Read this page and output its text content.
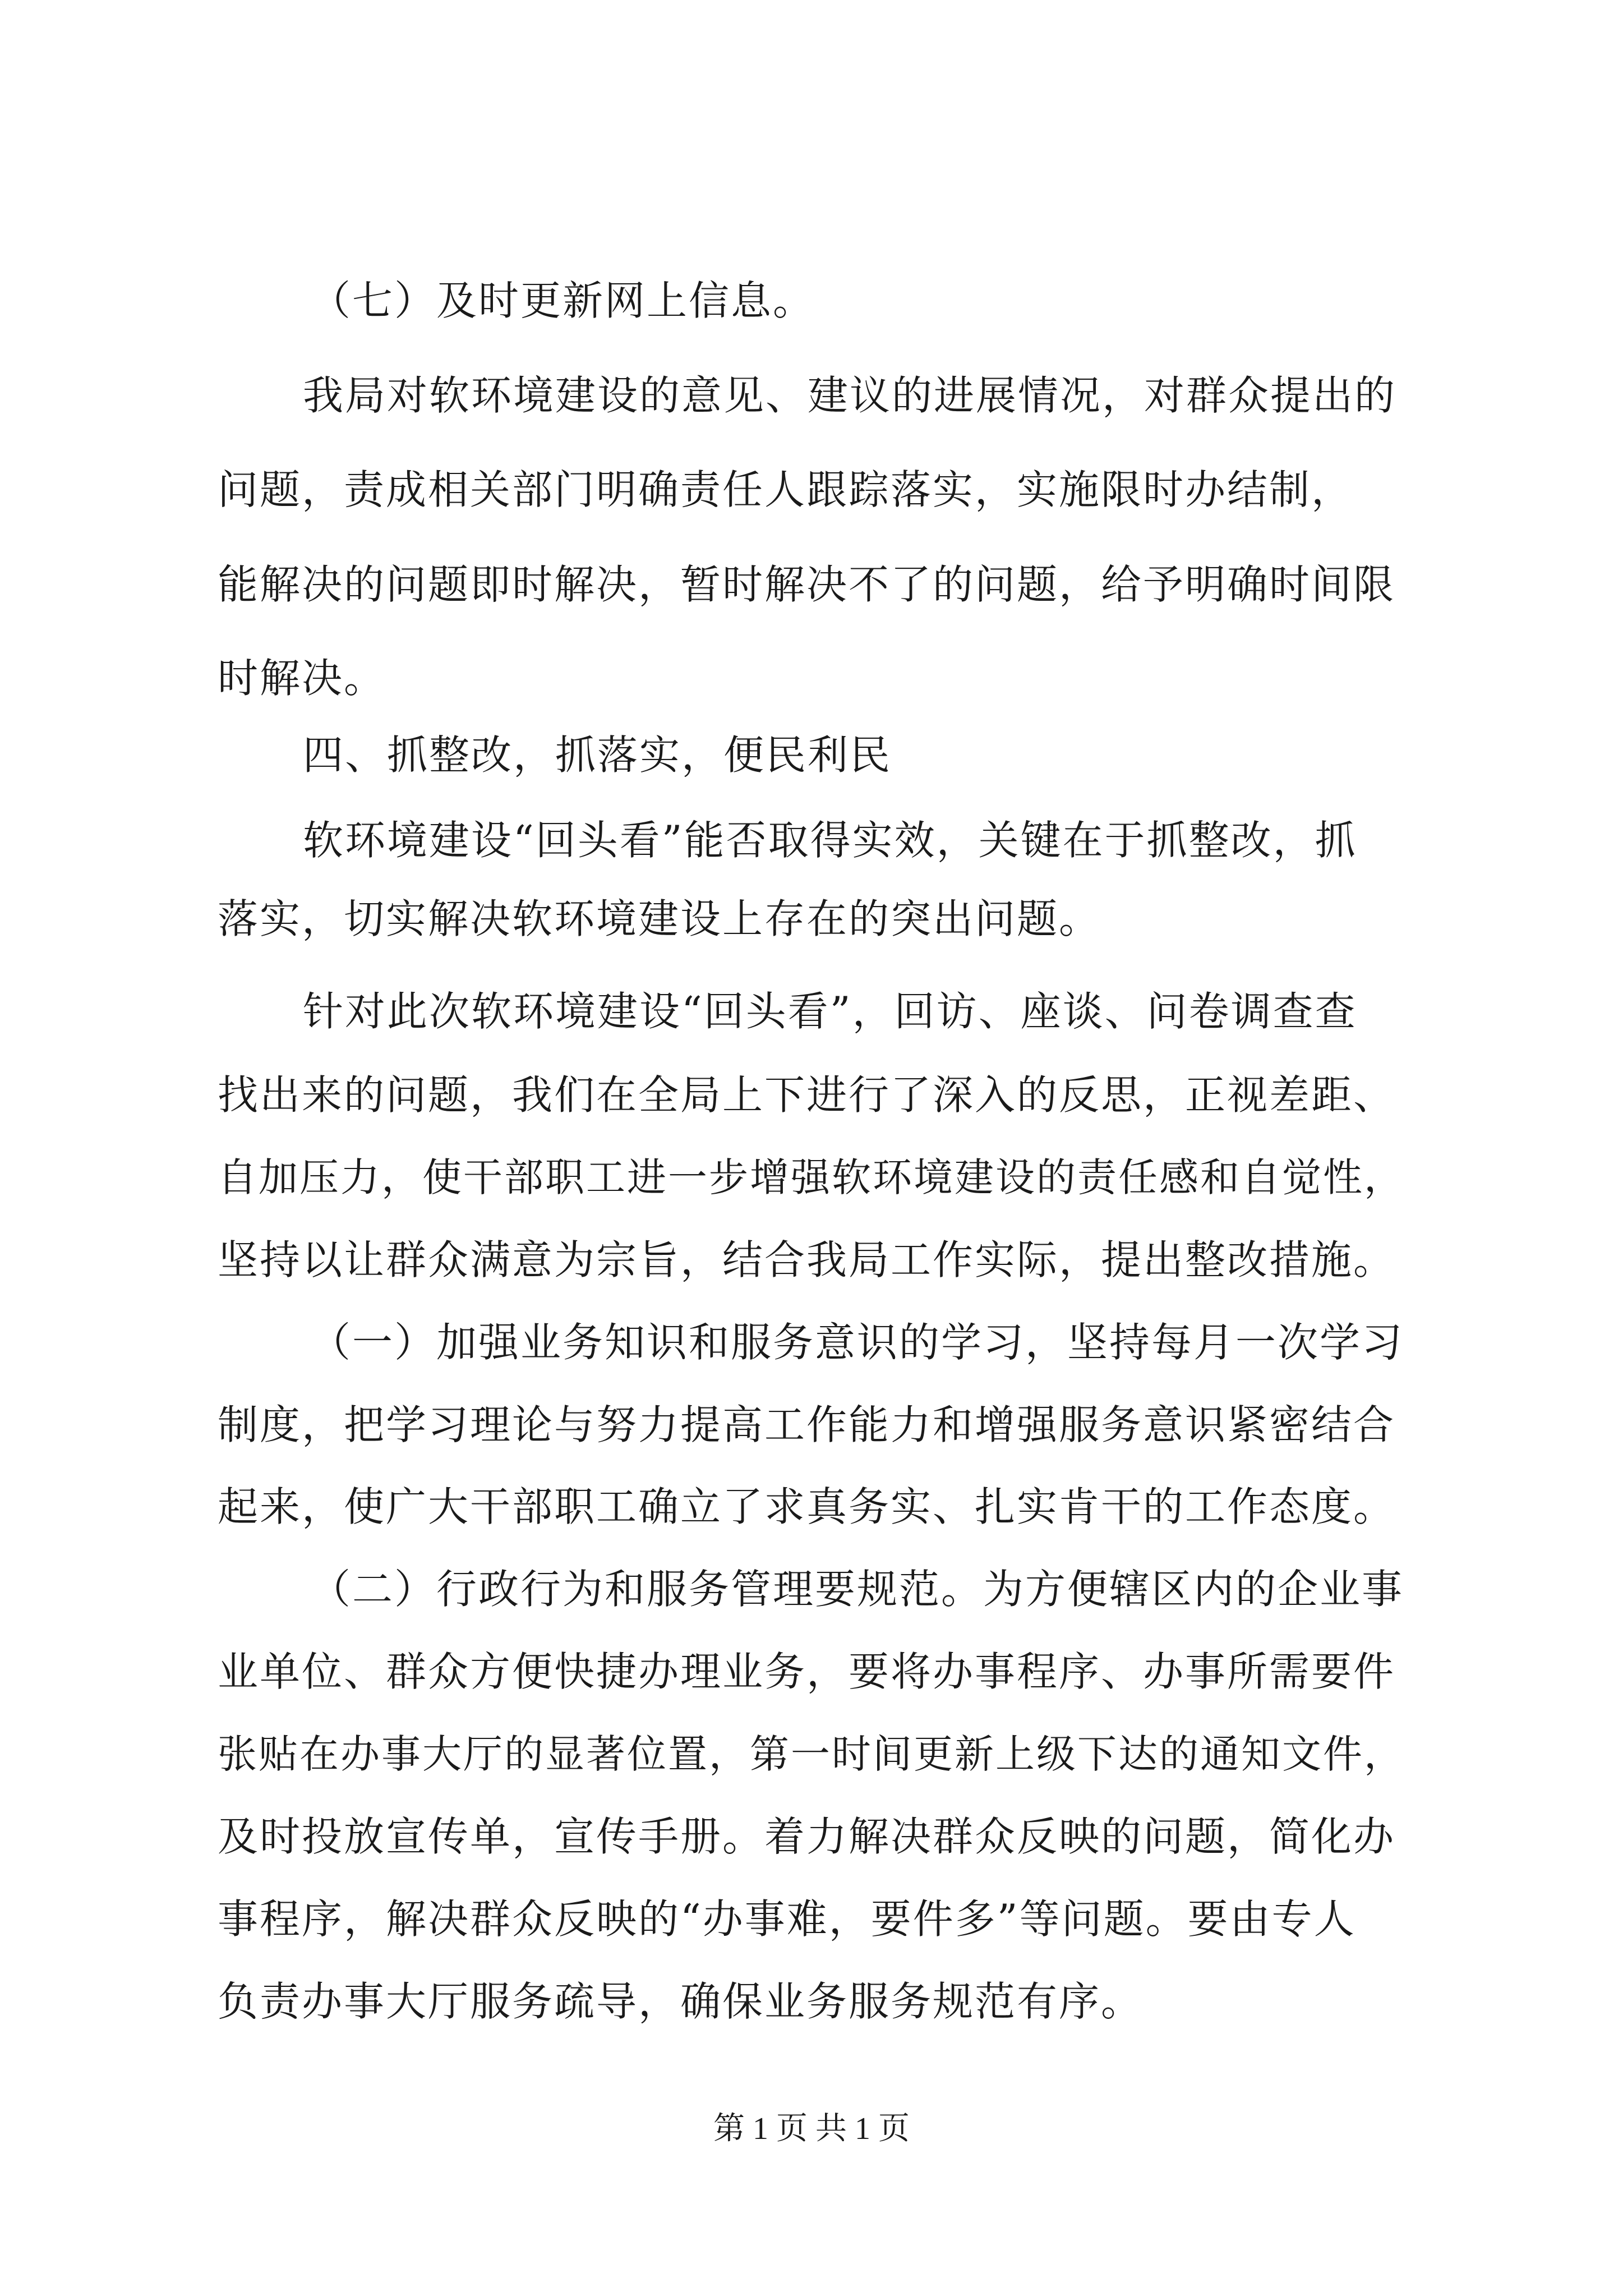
（七）及时更新网上信息。
我局对软环境建设的意见、建议的进展情况，对群众提出的
问题，责成相关部门明确责任人跟踪落实，实施限时办结制，
能解决的问题即时解决，暂时解决不了的问题，给予明确时间限
时解决。
四、抓整改，抓落实，便民利民
软环境建设“回头看”能否取得实效，关键在于抓整改，抓
落实，切实解决软环境建设上存在的突出问题。
针对此次软环境建设“回头看”，回访、座谈、问卷调查查
找出来的问题，我们在全局上下进行了深入的反思，正视差距、
自加压力，使干部职工进一步增强软环境建设的责任感和自觉性，
坚持以让群众满意为宗旨，结合我局工作实际，提出整改措施。
（一）加强业务知识和服务意识的学习，坚持每月一次学习
制度，把学习理论与努力提高工作能力和增强服务意识紧密结合
起来，使广大干部职工确立了求真务实、扎实肯干的工作态度。
（二）行政行为和服务管理要规范。为方便辖区内的企业事
业单位、群众方便快捷办理业务，要将办事程序、办事所需要件
张贴在办事大厅的显著位置，第一时间更新上级下达的通知文件，
及时投放宣传单，宣传手册。着力解决群众反映的问题，简化办
事程序，解决群众反映的“办事难，要件多”等问题。要由专人
负责办事大厅服务疏导，确保业务服务规范有序。
第 1 页 共 1 页
